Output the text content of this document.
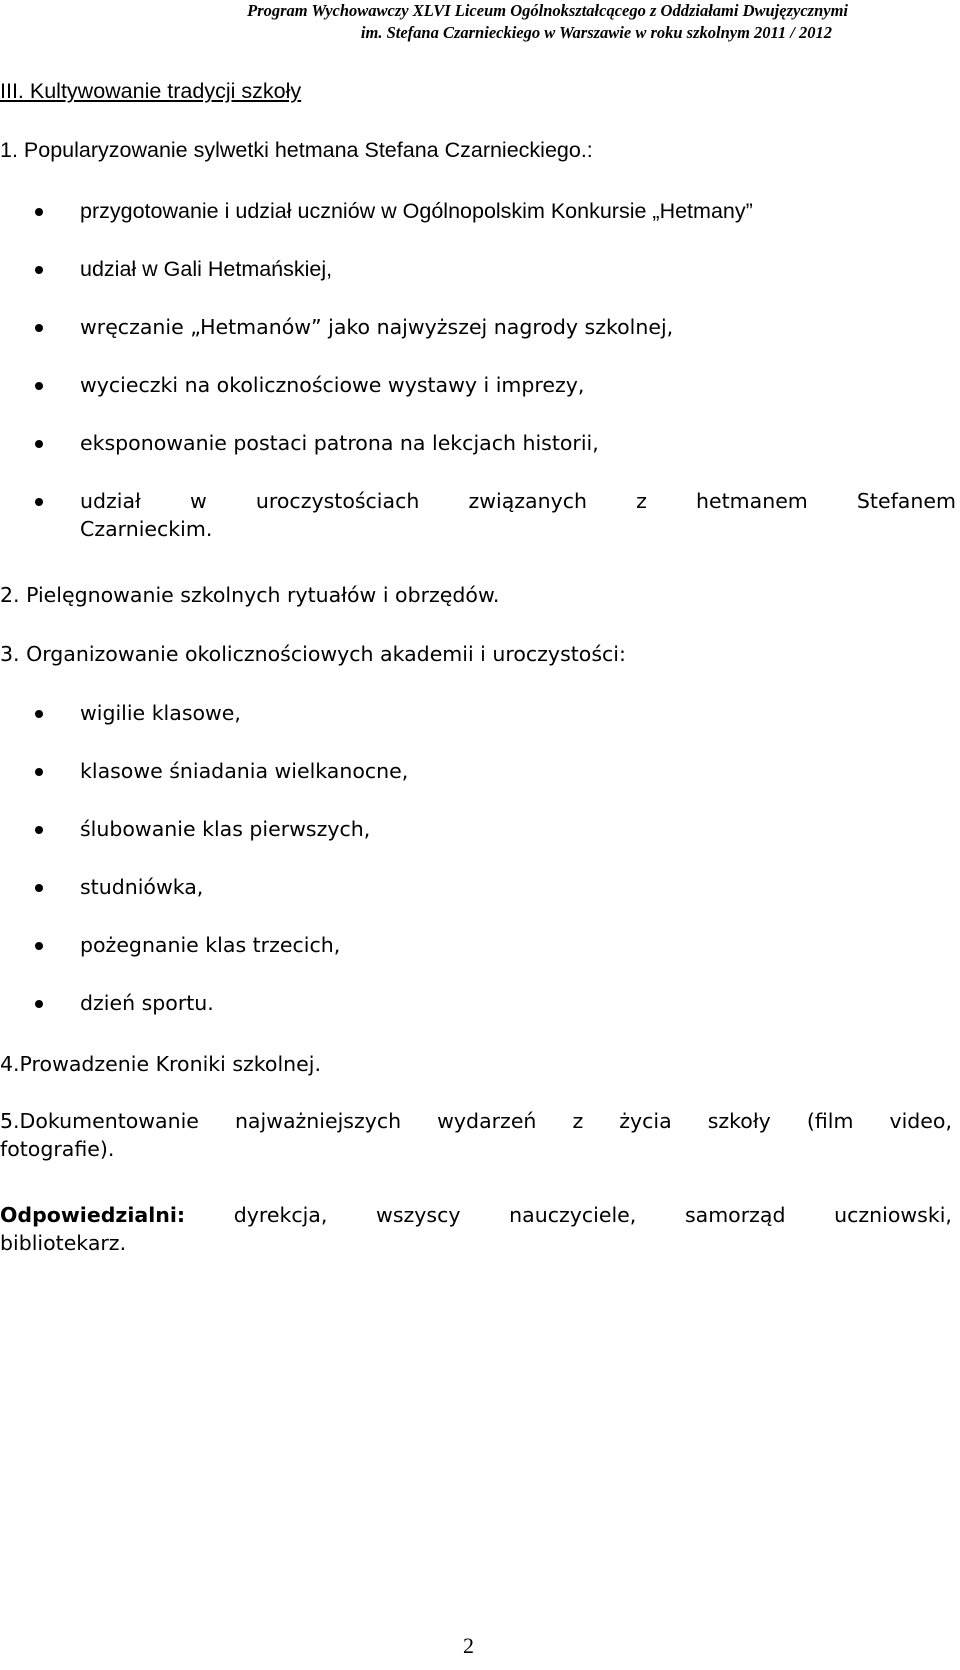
Program Wychowawczy XLVI Liceum Ogólnokształcącego z Oddziałami Dwujęzycznymi
im. Stefana Czarnieckiego w Warszawie w roku szkolnym 2011 / 2012
III. Kultywowanie tradycji szkoły
1. Popularyzowanie sylwetki hetmana Stefana Czarnieckiego.:
przygotowanie i udział uczniów w Ogólnopolskim Konkursie „Hetmany”
udział w Gali Hetmańskiej,
wręczanie „Hetmanów” jako najwyższej nagrody szkolnej,
wycieczki na okolicznościowe wystawy i imprezy,
eksponowanie postaci patrona na lekcjach historii,
udział w uroczystościach związanych z hetmanem Stefanem
Czarnieckim.
2. Pielęgnowanie szkolnych rytuałów i obrzędów.
3. Organizowanie okolicznościowych akademii i uroczystości:
wigilie klasowe,
klasowe śniadania wielkanocne,
ślubowanie klas pierwszych,
studniówka,
pożegnanie klas trzecich,
dzień sportu.
4.Prowadzenie Kroniki szkolnej.
5.Dokumentowanie najważniejszych wydarzeń z życia szkoły (film video,
fotografie).
Odpowiedzialni: dyrekcja, wszyscy nauczyciele, samorząd uczniowski,
bibliotekarz.
2
